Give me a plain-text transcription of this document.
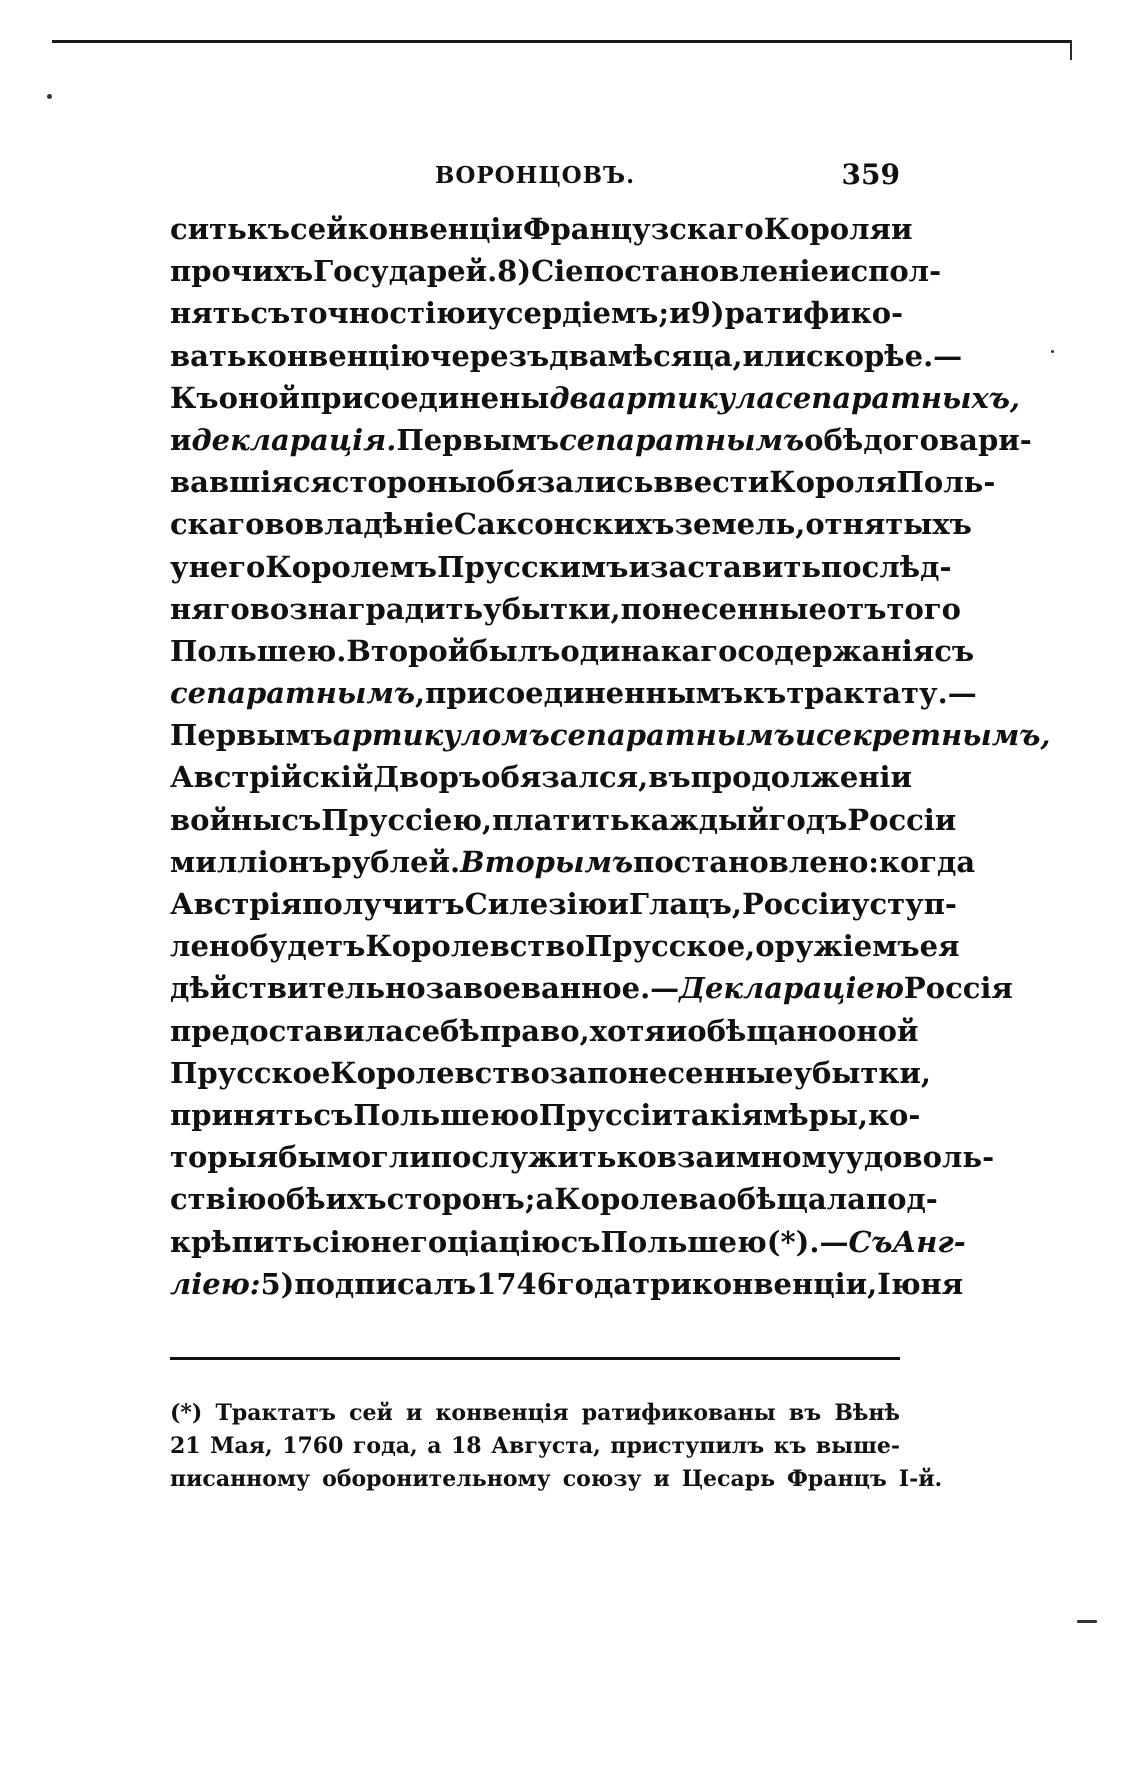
ВОРОНЦОВЪ.	359
сить къ сей конвенціи Французскаго Короля и
прочихъ Государей. 8) Сіе постановленіе испол-
нять съ точностію и усердіемъ ; и 9) ратифико-
вать конвенцію черезъ два мѣсяца, или скорѣе.—
Къ оной присоединены два артикула сепаратныхъ,
и декларація. Первымъ сепаратнымъ обѣ договари-
вавшіяся стороны обязались ввести Короля Поль-
скаго во владѣніе Саксонскихъ земель, отнятыхъ
у него Королемъ Прусскимъ и заставить послѣд-
няго вознаградить убытки, понесенные отъ того
Польшею. Второй былъ одинакаго содержанія съ
сепаратнымъ , присоединеннымъ къ трактату. —
Первымъ артикуломъ сепаратнымъ и секретнымъ,
Австрійскій Дворъ обязался , въ продолженіи
войны съ Пруссіею , платить каждый годъ Россіи
милліонъ рублей. Вторымъ постановлено : когда
Австрія получитъ Силезію и Глацъ, Россіи уступ-
лено будетъ Королевство Прусское, оружіемъ ея
дѣйствительно завоеванное.— Деклараціею Россія
предоставила себѣ право , хотя и обѣщано оной
Прусское Королевство за понесенные убытки ,
принять съ Польшею о Пруссіи такія мѣры , ко-
торыя бы могли послужить ко взаимному удоволь-
ствію обѣихъ сторонъ; а Королева обѣщала под-
крѣпить сію негоціацію съ Польшею (*).— Съ Анг-
ліею: 5) подписалъ 1746 года три конвенціи, Іюня
(*) Трактатъ сей и конвенція ратификованы въ Вѣнѣ
21 Мая, 1760 года, а 18 Августа, приступилъ къ выше-
писанному оборонительному союзу и Цесарь Францъ I-й.
